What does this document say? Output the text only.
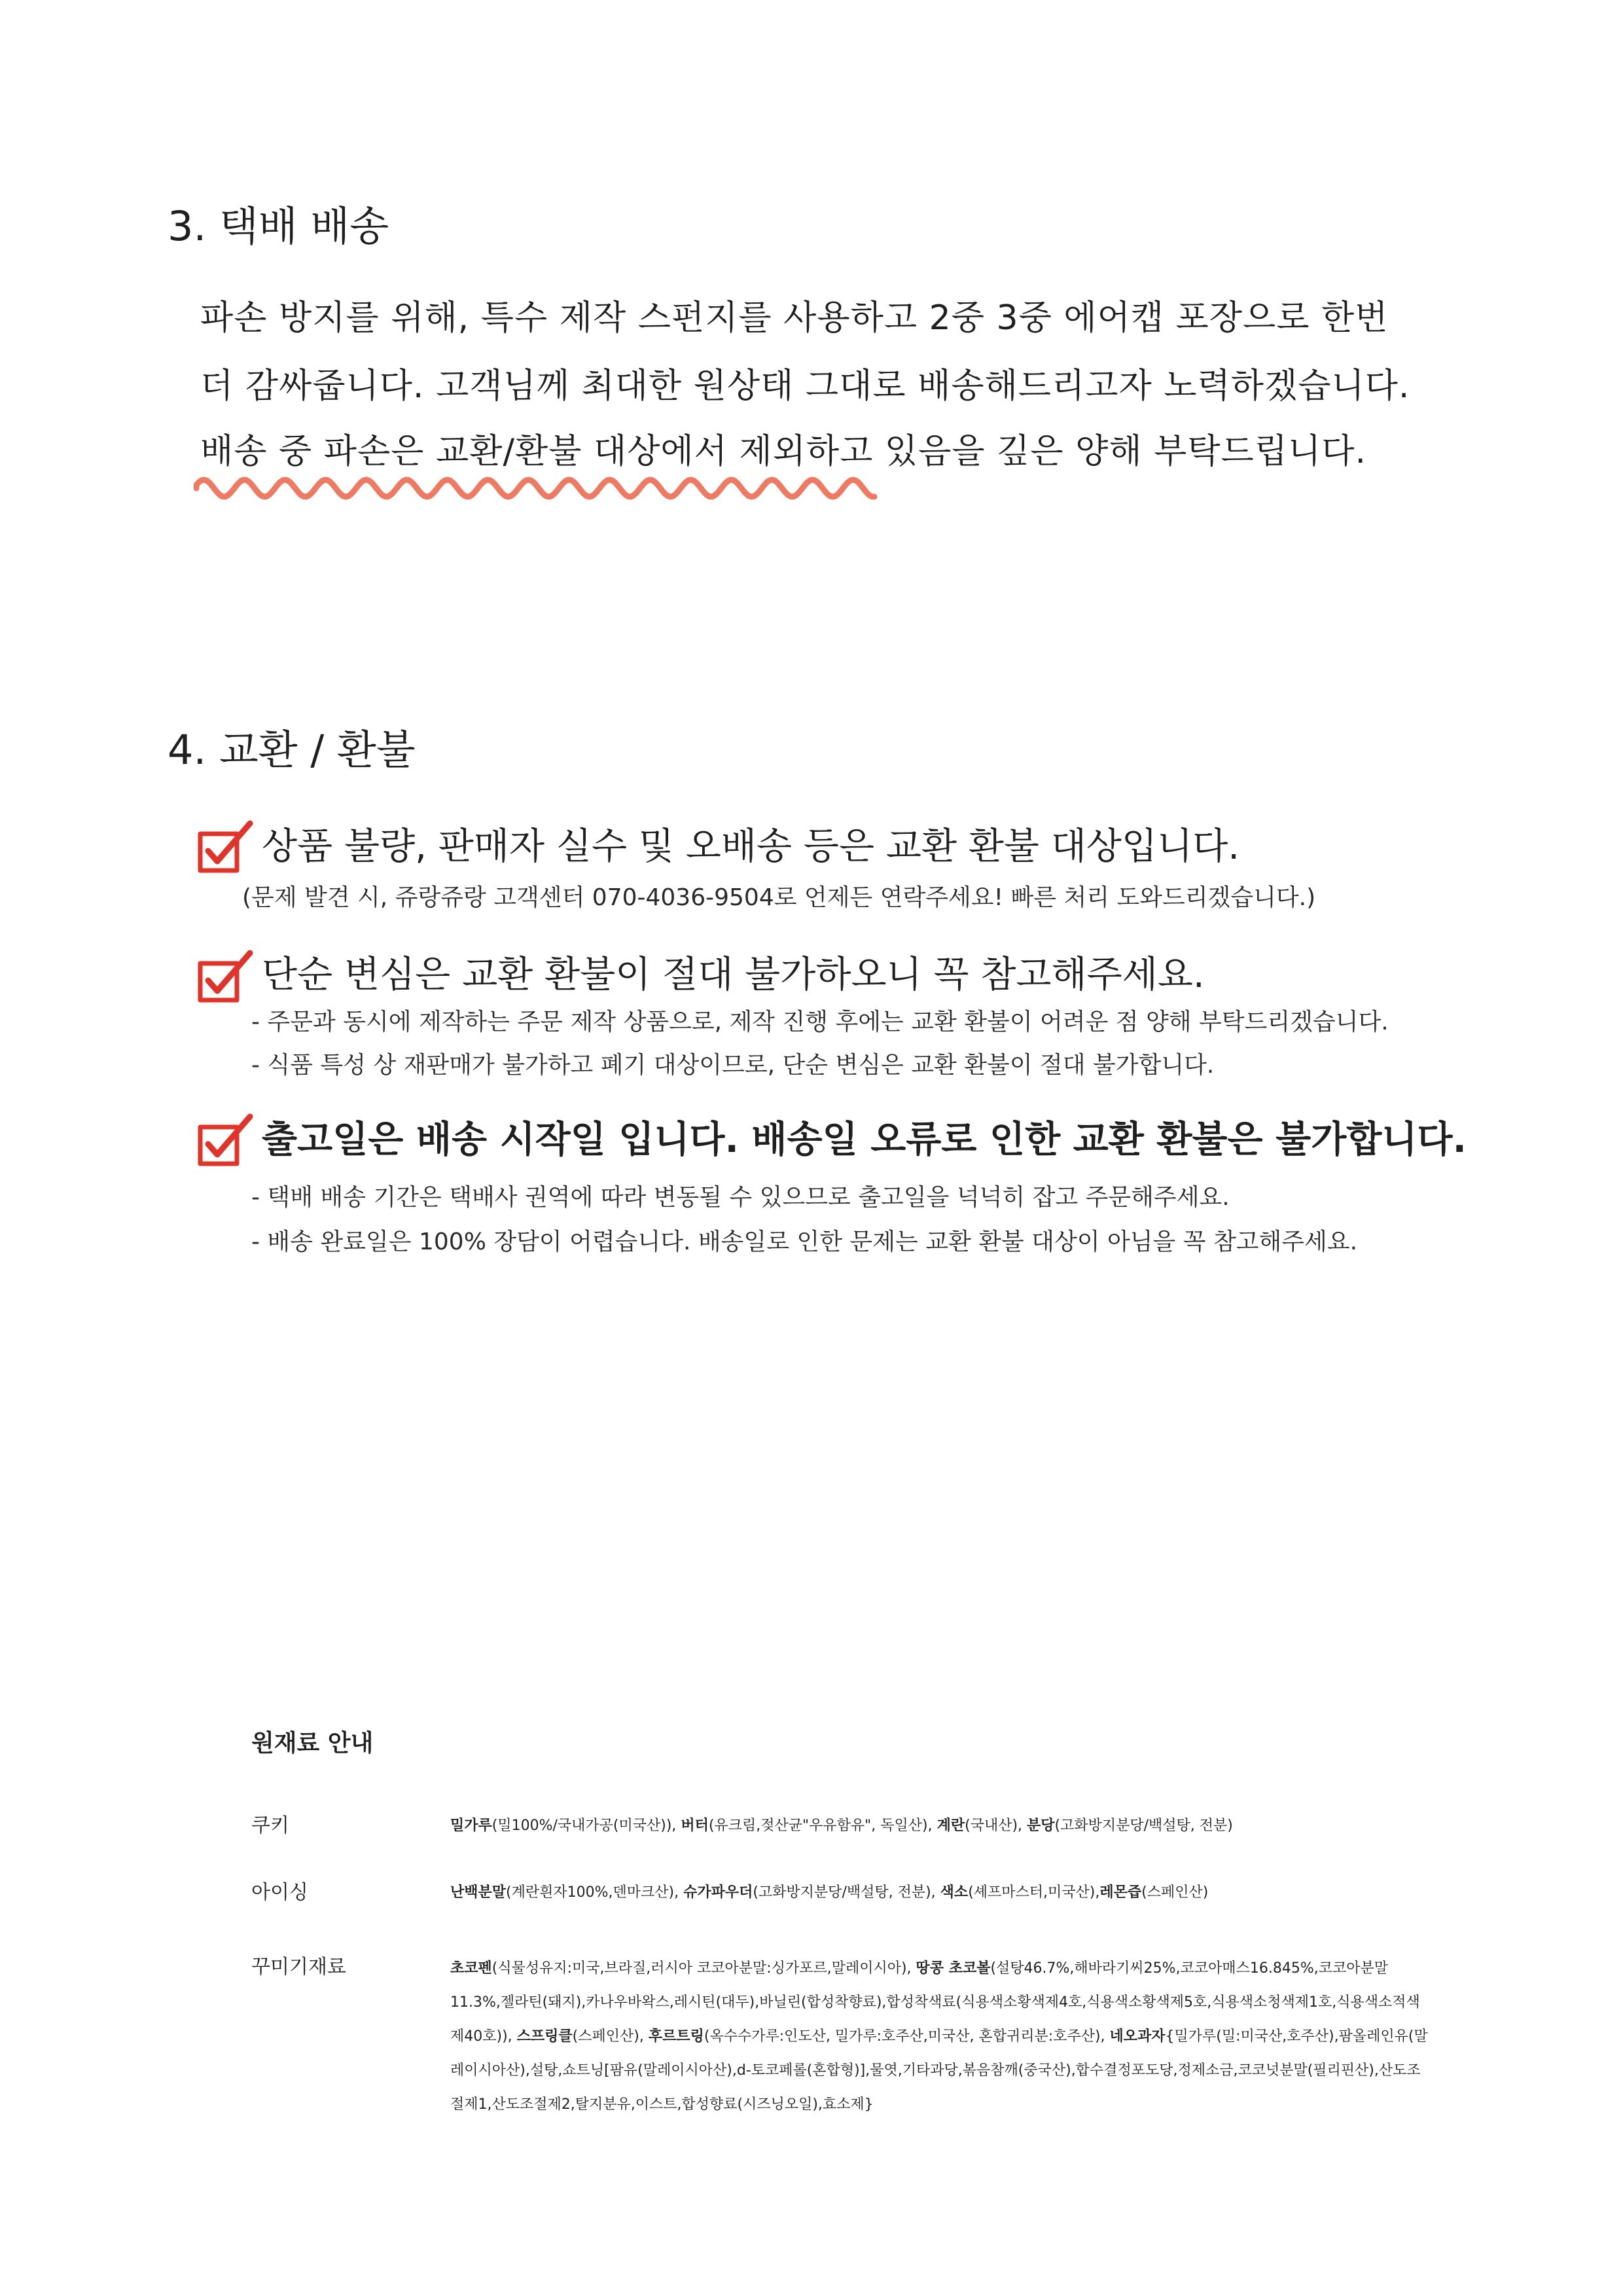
3. 택배 배송
파손 방지를 위해, 특수 제작 스펀지를 사용하고 2중 3중 에어캡 포장으로 한번
더 감싸줍니다. 고객님께 최대한 원상태 그대로 배송해드리고자 노력하겠습니다.
배송 중 파손은 교환/환불 대상에서 제외하고 있음을 깊은 양해 부탁드립니다.
4. 교환 / 환불
상품 불량, 판매자 실수 및 오배송 등은 교환 환불 대상입니다.
(문제 발견 시, 쥬랑쥬랑 고객센터 070-4036-9504로 언제든 연락주세요! 빠른 처리 도와드리겠습니다.)
단순 변심은 교환 환불이 절대 불가하오니 꼭 참고해주세요.
- 주문과 동시에 제작하는 주문 제작 상품으로, 제작 진행 후에는 교환 환불이 어려운 점 양해 부탁드리겠습니다.
- 식품 특성 상 재판매가 불가하고 폐기 대상이므로, 단순 변심은 교환 환불이 절대 불가합니다.
출고일은 배송 시작일 입니다. 배송일 오류로 인한 교환 환불은 불가합니다.
- 택배 배송 기간은 택배사 권역에 따라 변동될 수 있으므로 출고일을 넉넉히 잡고 주문해주세요.
- 배송 완료일은 100% 장담이 어렵습니다. 배송일로 인한 문제는 교환 환불 대상이 아님을 꼭 참고해주세요.
원재료 안내
쿠키	밀가루(밀100%/국내가공(미국산)), 버터(유크림,젖산균"우유함유", 독일산), 계란(국내산), 분당(고화방지분당/백설탕, 전분)
아이싱	난백분말(계란흰자100%,덴마크산), 슈가파우더(고화방지분당/백설탕, 전분), 색소(셰프마스터,미국산),레몬즙(스페인산)
꾸미기재료	초코펜(식물성유지:미국,브라질,러시아 코코아분말:싱가포르,말레이시아), 땅콩 초코볼(설탕46.7%,해바라기씨25%,코코아매스16.845%,코코아분말11.3%,젤라틴(돼지),카나우바왁스,레시틴(대두),바닐린(합성착향료),합성착색료(식용색소황색제4호,식용색소황색제5호,식용색소청색제1호,식용색소적색제40호)), 스프링클(스페인산), 후르트링(옥수수가루:인도산, 밀가루:호주산,미국산, 혼합귀리분:호주산), 네오과자{밀가루(밀:미국산,호주산),팜올레인유(말레이시아산),설탕,쇼트닝[팜유(말레이시아산),d-토코페롤(혼합형)],물엿,기타과당,볶음참깨(중국산),합수결정포도당,정제소금,코코넛분말(필리핀산),산도조절제1,산도조절제2,탈지분유,이스트,합성향료(시즈닝오일),효소제}
